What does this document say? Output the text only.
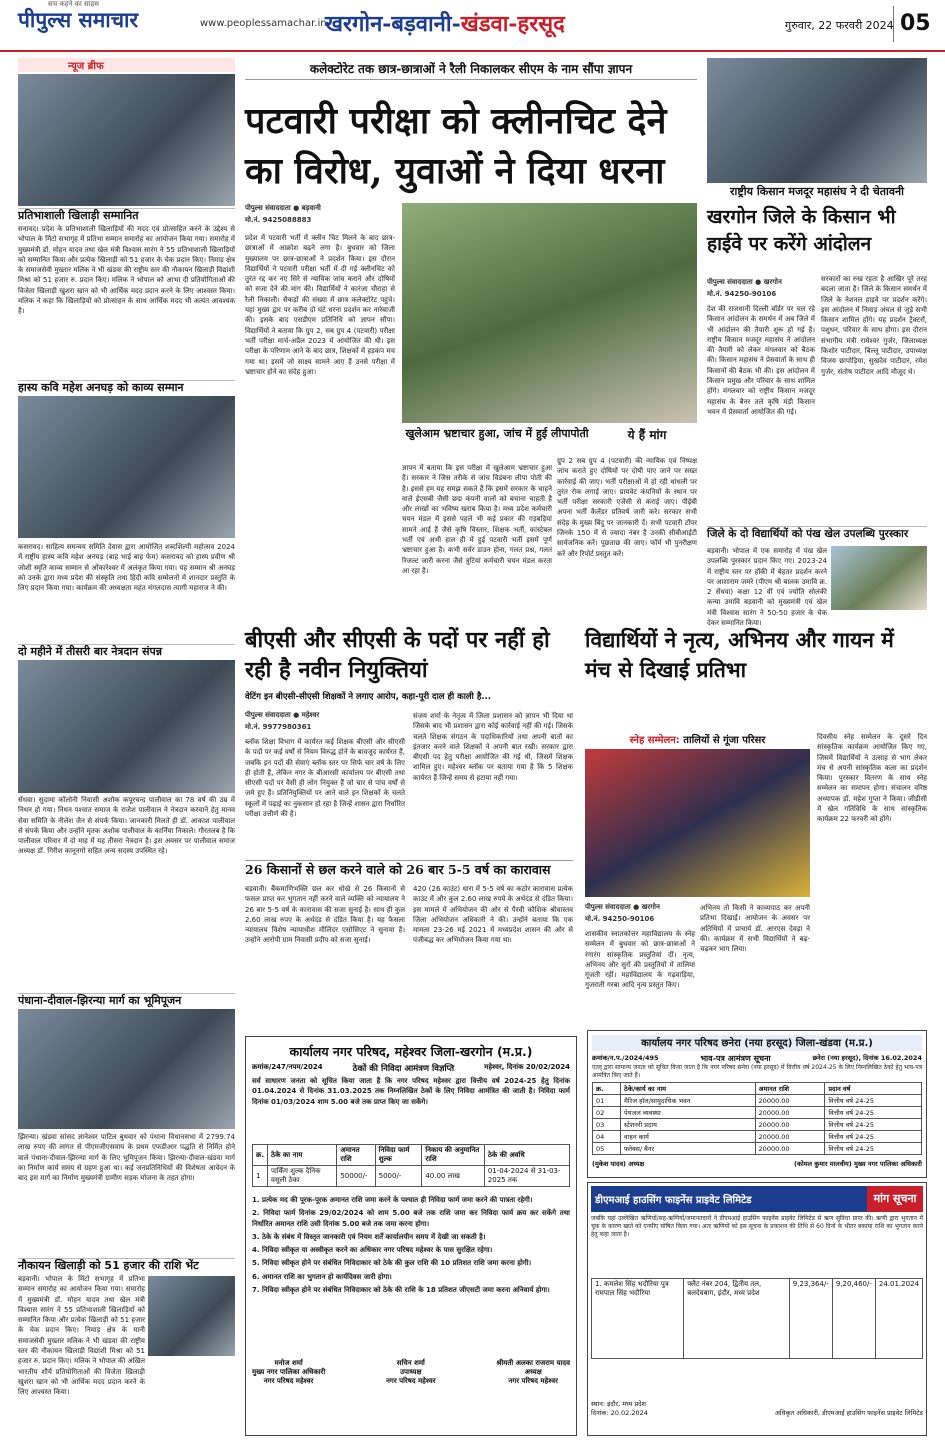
सच कहने का साहस
पीपुल्स समाचार	www.peoplessamachar.in
खरगोन-बड़वानी-खंडवा-हरसूद	गुरुवार, 22 फरवरी 2024 05
न्यूज ब्रीफ
प्रतिभाशाली खिलाड़ी सम्मानित
सनावद। प्रदेश के प्रतिभाशाली खिलाड़ियों की मदद एवं प्रोत्साहित करने के उद्देश्य से भोपाल के मिंटो सभागृह में प्रतिभा सम्मान समारोह का आयोजन किया गया। समारोह में मुख्यमंत्री डॉ. मोहन यादव तथा खेल मंत्री विश्वास सारंग ने 55 प्रतिभाशाली खिलाड़ियों को सम्मानित किया और प्रत्येक खिलाड़ी को 51 हजार के चेक प्रदान किए। निमाड़ क्षेत्र के समाजसेवी मुख्तार मलिक ने भी खंडवा की राष्ट्रीय स्तर की नौकायन खिलाड़ी विद्यांशी मिश्रा को 51 हजार रु. प्रदान किए। मलिक ने भोपाल को आभा दी प्रतियोगिताओं की विजेता खिलाड़ी खुशरा खान को भी आर्थिक मदद प्रदान करने के लिए आश्वस्त किया। मलिक ने कहा कि खिलाड़ियों को प्रोत्साहन के साथ आर्थिक मदद भी अत्यंत आवश्यक है।
हास्य कवि महेश अनघड़ को काव्य सम्मान
कसरावद। साहित्य समन्वय समिति देवास द्वारा आयोजित शब्दशिल्पी महोत्सव 2024 में राष्ट्रीय हास्य कवि महेश अनघड़ (बाह भाई बाह फेम) कसरावद को हास्य प्रवीण श्री जोशी स्मृति काव्य सम्मान से ओंकारेश्वर में अलंकृत किया गया। यह सम्मान श्री अनघड़ को उनके द्वारा मध्य प्रदेश की संस्कृति तथा हिंदी कवि सम्मेलनों में शानदार प्रस्तुति के लिए प्रदान किया गया। कार्यक्रम की अध्यक्षता महंत मंगलदास त्यागी महाराज ने की।
दो महीने में तीसरी बार नेत्रदान संपन्न
सेंधवा। सुदामा कॉलोनी निवासी अशोक कपूरचन्द पालीवाल का 78 वर्ष की उम्र में निधन हो गया। निधन पश्चात समाज के राजेश पालीवाल ने नेत्रदान करवाने हेतु मानव सेवा समिति के नीलेश जैन से संपर्क किया। जानकारी मिलते ही डॉ. आकाश पालीवाल से संपर्क किया और उन्होंने मृतक अशोक पालीवाल के कार्निया निकाले। गौरतलब है कि पालीवाल परिवार में दो माह में यह तीसरा नेत्रदान है। इस अवसर पर पालीवाल समाज अध्यक्ष डॉ. गिरीश कानूनगो सहित अन्य सदस्य उपस्थित रहे।
पंधाना-दीवाल-झिरन्या मार्ग का भूमिपूजन
झिरन्या। खंडवा सांसद ज्ञानेश्वर पाटिल बुधवार को पंधाना विधानसभा में 2799.74 लाख रुपए की लागत से पीएमजीएसवाय के प्रथम एफडीआर पद्धति से निर्मित होने वाले पंधाना-दीवाल-झिरन्या मार्ग के लिए भूमिपूजन किया। झिरन्या-दीवाल-खंडवा मार्ग का निर्माण कार्य समय से ग्रहण हुआ था। कई जनप्रतिनिधियों की विशेषता आवेदन के बाद इस मार्ग का निर्माण मुख्यमंत्री ग्रामीण सड़क योजना के तहत होगा।
नौकायन खिलाड़ी को 51 हजार की राशि भेंट
बड़वानी। भोपाल के मिंटो सभागृह में प्रतिभा सम्मान समारोह का आयोजन किया गया। समारोह में मुख्यमंत्री डॉ. मोहन यादव तथा खेल मंत्री विश्वास सारंग ने 55 प्रतिभाशाली खिलाड़ियों को सम्मानित किया और प्रत्येक खिलाड़ी को 51 हजार के चेक प्रदान किए। निमाड़ क्षेत्र के मानी समाजसेवी मुख्तार मलिक ने भी खंडवा की राष्ट्रीय स्तर की नौकायन खिलाड़ी विद्यांशी मिश्रा को 51 हजार रु. प्रदान किए। मलिक ने भोपाल की अखिल भारतीय शौर्य प्रतियोगिताओं की विजेता खिलाड़ी खुशरा खान को भी आर्थिक मदद प्रदान करने के लिए आश्वस्त किया।
कलेक्टोरेट तक छात्र-छात्राओं ने रैली निकालकर सीएम के नाम सौंपा ज्ञापन
पटवारी परीक्षा को क्लीनचिट देने का विरोध, युवाओं ने दिया धरना
पीपुल्स संवाददाता ● बड़वानी
मो.नं. 9425088883
प्रदेश में पटवारी भर्ती में क्लीन चिट मिलने के बाद छात्र-छात्राओं में आक्रोश बढ़ने लगा है। बुधवार को जिला मुख्यालय पर छात्र-छात्राओं ने प्रदर्शन किया। इस दौरान विद्यार्थियों ने पटवारी परीक्षा भर्ती में दी गई क्लीनचिट को तुरंत रद्द कर नए सिरे से न्यायिक जांच कराने और दोषियों को सजा देने की मांग की। विद्यार्थियों ने कारंजा चौराहा से रैली निकाली। सैकड़ों की संख्या में छात्र कलेक्टोरेट पहुंचे। यहां मुख्य द्वार पर करीब दो घंटे धरना प्रदर्शन कर नारेबाजी की। इसके बाद एसडीएम प्रतिनिधि को ज्ञापन सौंपा। विद्यार्थियों ने बताया कि ग्रुप 2, सब ग्रुप 4 (पटवारी) परीक्षा भर्ती परीक्षा मार्च-अप्रैल 2023 में आयोजित की थी। इस परीक्षा के परिणाम आने के बाद छात्र, शिक्षकों में हड़कंप मच गया था। इसमें जो साक्ष्य सामने आए हैं उनसे परीक्षा में भ्रष्टाचार होने का संदेह हुआ।
खुलेआम भ्रष्टाचार हुआ, जांच में हुई लीपापोती
ज्ञापन में बताया कि इस परीक्षा में खुलेआम भ्रष्टाचार हुआ है। सरकार ने जिस तरीके से जांच विडंबना लीपा पोती की है। इससे हम यह समझ सकते हैं कि इसमें सरकार के चाहने वाले ईएसबी जैसी छद्म कंपनी वालों को बचाना चाहती है और लाखों का भविष्य खराब किया है। मध्य प्रदेश कर्मचारी चयन मंडल में इससे पहले भी कई प्रकार की गड़बड़ियां सामने आई हैं जैसे कृषि विस्तार, शिक्षक भर्ती, कांस्टेबल भर्ती एवं अभी हाल ही में हुई पटवारी भर्ती इसमें पूर्ण भ्रष्टाचार हुआ है। कभी सर्वर डाउन होना, गलत प्रश्न, गलत रिजल्ट जारी करना जैसे त्रुटियां कर्मचारी चयन मंडल करता आ रहा है।
ये हैं मांग
ग्रुप 2 सब ग्रुप 4 (पटवारी) की न्यायिक एवं निष्पक्ष जांच कराते हुए दोषियों पर दोषी पाए जाने पर सख्त कार्रवाई की जाए। भर्ती परीक्षाओं में हो रही धांधली पर तुरंत रोक लगाई जाए। प्रायवेट कंपनियों के स्थान पर भर्ती परीक्षा सरकारी एजेंसी से कराई जाए। पीईबी अपना भर्ती कैलेंडर प्रतिवर्ष जारी करे। सरकार सभी संदेह के मुख्य बिंदु पर जानकारी दें। सभी पटवारी टॉपर जिनके 150 में से ज्यादा नंबर है उनकी सीबीआईटी सार्वजनिक करें। पूछताछ की जाए। फॉर्म भी पुनरीक्षण करें और रिपोर्ट प्रस्तुत करें।
राष्ट्रीय किसान मजदूर महासंघ ने दी चेतावनी
खरगोन जिले के किसान भी हाईवे पर करेंगे आंदोलन
पीपुल्स संवाददाता ● खरगोन
मो.नं. 94250-90106
देश की राजधानी दिल्ली बॉर्डर पर चल रहे किसान आंदोलन के समर्थन में अब जिले में भी आंदोलन की तैयारी शुरू हो गई है। राष्ट्रीय किसान मजदूर महासंघ ने आंदोलन की तैयारी को लेकर मंगलवार को बैठक की। किसान महासंघ ने प्रेसवार्ता के साथ ही किसानों की बैठक भी की। इस आंदोलन में किसान प्रमुख और परिवार के साथ शामिल होंगे। मंगलवार को राष्ट्रीय किसान मजदूर महासंघ के बैनर तले कृषि मंडी किसान भवन में प्रेसवार्ता आयोजित की गई।
सरकारों का रुख रहता है आखिर पूरे तरह बदला जाता है। जिले के किसान समर्थन में जिले के नेशनल हाइवे पर प्रदर्शन करेंगे। इस आंदोलन में निमाड़ अंचल से जुड़े सभी किसान शामिल होंगे। यह प्रदर्शन ट्रैक्टरों, पशुधन, परिवार के साथ होगा। इस दौरान संभागीय मंत्री रामेश्वर गुर्जर, जिलाध्यक्ष किशोर पाटीदार, बिल्लू पाटीदार, उपाध्यक्ष विजय छापोड़िया, सुखदेव पाटीदार, रमेश गुर्जर, संतोष पाटीदार आदि मौजूद थे।
जिले के दो विद्यार्थियों को पंख खेल उपलब्धि पुरस्कार
बड़वानी। भोपाल में एक समारोह में पंख खेल उपलब्धि पुरस्कार प्रदान किए गए। 2023-24 में राष्ट्रीय स्तर पर हॉकी में बेहतर प्रदर्शन करने पर आशाराम जमरे (पीएम श्री बालक उमावि क्र. 2 सेंधवा) कक्षा 12 वीं एवं ज्योति सोलंकी कन्या उमावि बड़वानी को मुख्यमंत्री एवं खेल मंत्री विश्वास सारंग ने 50-50 हजार के चेक देकर सम्मानित किया।
बीएसी और सीएसी के पदों पर नहीं हो रही है नवीन नियुक्तियां
वेटिंग इन बीएसी-सीएसी शिक्षकों ने लगाए आरोप, कहा-पूरी दाल ही काली है...
पीपुल्स संवाददाता ● महेश्वर
मो.नं. 9977980361
ब्लॉक शिक्षा विभाग में कार्यरत कई शिक्षक बीएसी और सीएसी के पदों पर कई वर्षों से नियम विरुद्ध होने के बावजूद कार्यरत हैं, जबकि इन पदों की सेवाएं ब्लॉक स्तर पर सिर्फ चार वर्ष के लिए ही होती हैं, लेकिन नगर के बीआरसी कार्यालय पर बीएसी तथा सीएसी पदों पर वैसी ही लोग नियुक्त हैं जो चार से पांच वर्षों से जमे हुए हैं। प्रतिनियुक्तियों पर आने वाले इन शिक्षकों के चलते स्कूलों में पढ़ाई का नुकसान हो रहा है जिन्हें शासन द्वारा निर्धारित परीक्षा उत्तीर्ण की है।
संजय शर्मा के नेतृत्व में जिला प्रशासन को ज्ञापन भी दिया था जिसके बाद भी प्रशासन द्वारा कोई कार्रवाई नहीं की गई। जिसके चलते शिक्षक संगठन के पदाधिकारियों तथा अपनी बातों का इंतजार करने वाले शिक्षकों ने अपनी बात रखी। सरकार द्वारा बीएसी पद हेतु परीक्षा आयोजित की गई थी, जिसमें शिक्षक शामिल हुए। महेश्वर ब्लॉक पर बताया गया है कि 5 शिक्षक कार्यरत हैं जिन्हें समय से हटाया नहीं गया।
26 किसानों से छल करने वाले को 26 बार 5-5 वर्ष का कारावास
बड़वानी। बैंकमाणिभक्ति छल कर धोखे से 26 किसानों से फसल प्राप्त कर भुगतान नहीं करने वाले व्यक्ति को न्यायालय ने 26 बार 5-5 वर्ष के कारावास की सजा सुनाई है। साथ ही कुल 2.60 लाख रुपए के अर्थदंड से दंडित किया है। यह फैसला न्यायालय विशेष न्यायाधीश मौलिंदर एसोसिएट ने सुनाया है। उन्होंने आरोपी ग्राम निवासी प्रदीप को सजा सुनाई।
420 (26 काउंट) धारा में 5-5 वर्ष का कठोर कारावास प्रत्येक काउंट में और कुल 2.60 लाख रुपये के अर्थदंड से दंडित किया। इस मामले में अभियोजन की ओर से पैरवी कौशिक श्रीवास्तव जिला अभियोजन अधिकारी ने की। उन्होंने बताया कि एक मामला 23-26 मई 2021 में मध्यप्रदेश शासन की ओर से पंजीबद्ध कर अभियोजन किया गया था।
कार्यालय नगर परिषद, महेश्वर जिला-खरगोन (म.प्र.)
क्रमांक/247/नपम/2024	ठेकों की निविदा आमंत्रण विज्ञप्ति	महेश्वर, दिनांक 20/02/2024
सर्व साधारण जनता को सूचित किया जाता है कि नगर परिषद महेश्वर द्वारा वित्तीय वर्ष 2024-25 हेतु दिनांक 01.04.2024 से दिनांक 31.03.2025 तक निम्नलिखित ठेकों के लिए निविदा आमंत्रित की जाती है। निविदा फार्म दिनांक 01/03/2024 शाम 5.00 बजे तक प्राप्त किए जा सकेंगे।
क्र.	ठेके का नाम	अमानत राशि	निविदा फार्म शुल्क	निकाय की अनुमानित राशि	ठेके की अवधि
1	पार्किंग शुल्क दैनिक वसूली ठेका	50000/-	5000/-	40.00 लाख	01-04-2024 से 31-03-2025 तक
1. प्रत्येक मद की पूरक-पूरक अमानत राशि जमा करने के पश्चात ही निविदा फार्म जमा करने की पात्रता रहेगी।
2. निविदा फार्म दिनांक 29/02/2024 को शाम 5.00 बजे तक राशि जमा कर निविदा फार्म क्रय कर सकेंगे तथा निर्धारित अमानत राशि उसी दिनांक 5.00 बजे तक जमा करना होगा।
3. ठेके के संबंध में विस्तृत जानकारी एवं नियम शर्तें कार्यालयीन समय में देखी जा सकती है।
4. निविदा स्वीकृत या अस्वीकृत करने का अधिकार नगर परिषद महेश्वर के पास सुरक्षित रहेगा।
5. निविदा स्वीकृत होने पर संबंधित निविदाकार को ठेके की कुल राशि की 10 प्रतिशत राशि जमा करना होगी।
6. अमानत राशि का भुगतान हो कार्यदिवस जारी होगा।
7. निविदा स्वीकृत होने पर संबंधित निविदाकार को ठेके की राशि के 18 प्रतिशत जीएसटी जमा करना अनिवार्य होगा।
मनोज शर्मा
मुख्य नगर पालिका अधिकारी
नगर परिषद महेश्वर
सचिन शर्मा
उपाध्यक्ष
नगर परिषद महेश्वर
श्रीमती अलका राजराम यादव
अध्यक्ष
नगर परिषद महेश्वर
विद्यार्थियों ने नृत्य, अभिनय और गायन में मंच से दिखाई प्रतिभा
स्नेह सम्मेलन: तालियों से गूंजा परिसर
पीपुल्स संवाददाता ● खरगोन
मो.नं. 94250-90106
शासकीय स्नातकोत्तर महाविद्यालय के स्नेह सम्मेलन में बुधवार को छात्र-छात्राओं ने रंगारंग सांस्कृतिक प्रस्तुतियां दीं। नृत्य, अभिनय और सुरों की प्रस्तुतियों में तालियां गूंजती रहीं। महाविद्यालय के गढ़वाड़िया, गुजराती गरबा आदि नृत्य प्रस्तुत किए।
अभिनय तो किसी ने काव्यपाठ कर अपनी प्रतिभा दिखाई। आयोजन के अवसर पर अतिथियों में प्राचार्य डॉ. आरएस देवड़ा ने की। कार्यक्रम में सभी विद्यार्थियों ने बढ़-चढ़कर भाग लिया।
दिवसीय स्नेह सम्मेलन के दूसरे दिन सांस्कृतिक कार्यक्रम आयोजित किए गए, जिसमें विद्यार्थियों ने उत्साह से भाग लेकर मंच से अपनी सांस्कृतिक कला का प्रदर्शन किया। पुरस्कार वितरण के साथ स्नेह सम्मेलन का समापन होगा। संचालन वरिष्ठ अध्यापक डॉ. महेश गुप्ता ने किया। जीडीसी में खेल गतिविधि के साथ सांस्कृतिक कार्यक्रम 22 फरवरी को होंगे।
कार्यालय नगर परिषद छनेरा (नया हरसूद) जिला-खंडवा (म.प्र.)
क्रमांक/न.प./2024/495	भाव-पत्र आमंत्रण सूचना	छनेरा (नया हरसूद), दिनांक 16.02.2024
एतद् द्वारा सामान्य जनता को सूचित किया जाता है कि नगर परिषद छनेरा (नया हरसूद) में वित्तीय वर्ष 2024-25 के लिए निम्नलिखित ठेकों हेतु भाव-पत्र आमंत्रित किए जाते हैं।
क्र.	ठेके/कार्य का नाम	अमानत राशि	प्रदान वर्ष
01	मैरिज हॉल/सामुदायिक भवन	20000.00	वित्तीय वर्ष 24-25
02	पेयजल व्यवस्था	20000.00	वित्तीय वर्ष 24-25
03	स्टेशनरी प्रदाय	20000.00	वित्तीय वर्ष 24-25
04	वाहन कार्य	20000.00	वित्तीय वर्ष 24-25
05	फ्लेक्स/ बैनर	20000.00	वित्तीय वर्ष 24-25
(मुकेश यादव) अध्यक्ष	(कोमल कुमार मालवीय) मुख्य नगर पालिका अधिकारी
डीएमआई हाउसिंग फाइनेंस प्राइवेट लिमिटेड	मांग सूचना
जबकि यहां उल्लेखित ऋणियों/सह-ऋणियों/जमानतदारों ने डीएमआई हाउसिंग फाइनेंस प्राइवेट लिमिटेड से ऋण सुविधा प्राप्त की। ऋणी द्वारा भुगतान में चूक के कारण खाते को एनपीए घोषित किया गया। अतः ऋणियों को इस सूचना के प्रकाशन की तिथि से 60 दिनों के भीतर बकाया राशि का भुगतान करने हेतु कहा जाता है।
1. कमलेश सिंह भदौरिया पुत्र रामपाल सिंह भदौरिया	फ्लैट नंबर 204, द्वितीय तल, बलदेवबाग, इंदौर, मध्य प्रदेश	9,23,364/-	9,20,460/-	24.01.2024
स्थान: इंदौर, मध्य प्रदेश
दिनांक: 20.02.2024	अधिकृत अधिकारी, डीएमआई हाउसिंग फाइनेंस प्राइवेट लिमिटेड
